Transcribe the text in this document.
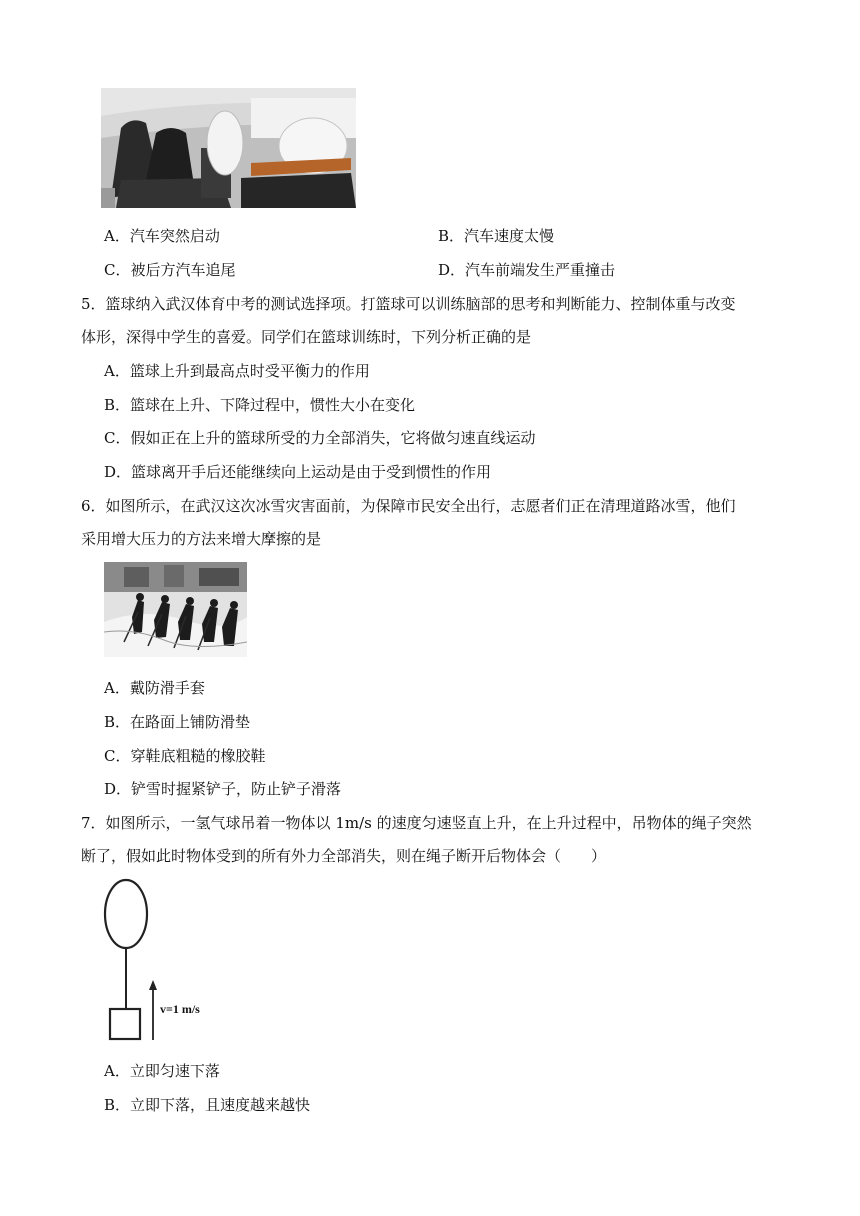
A．汽车突然启动	B．汽车速度太慢
C．被后方汽车追尾	D．汽车前端发生严重撞击
5．篮球纳入武汉体育中考的测试选择项。打篮球可以训练脑部的思考和判断能力、控制体重与改变
体形，深得中学生的喜爱。同学们在篮球训练时，下列分析正确的是
A．篮球上升到最高点时受平衡力的作用
B．篮球在上升、下降过程中，惯性大小在变化
C．假如正在上升的篮球所受的力全部消失，它将做匀速直线运动
D．篮球离开手后还能继续向上运动是由于受到惯性的作用
6．如图所示，在武汉这次冰雪灾害面前，为保障市民安全出行，志愿者们正在清理道路冰雪，他们
采用增大压力的方法来增大摩擦的是
A．戴防滑手套
B．在路面上铺防滑垫
C．穿鞋底粗糙的橡胶鞋
D．铲雪时握紧铲子，防止铲子滑落
7．如图所示，一氢气球吊着一物体以 1m/s 的速度匀速竖直上升，在上升过程中，吊物体的绳子突然
断了，假如此时物体受到的所有外力全部消失，则在绳子断开后物体会（　　）
v=1 m/s
A．立即匀速下落
B．立即下落，且速度越来越快
